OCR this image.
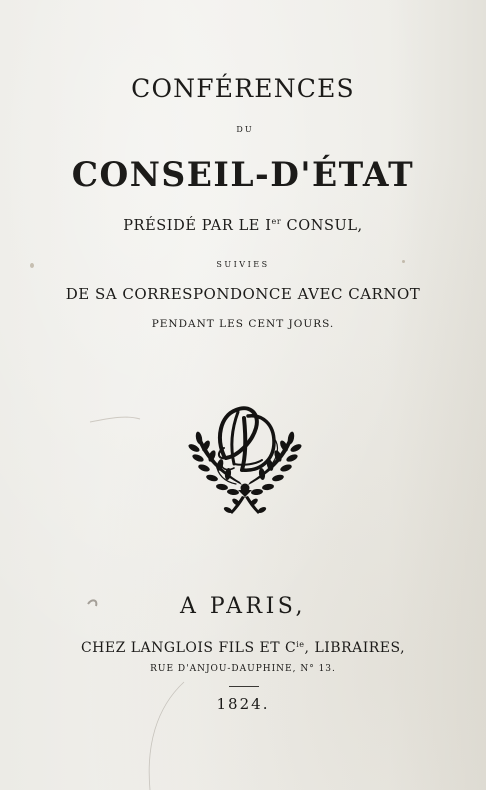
CONFÉRENCES
DU
CONSEIL-D'ÉTAT
PRÉSIDÉ PAR LE Ier CONSUL,
SUIVIES
DE SA CORRESPONDONCE AVEC CARNOT
PENDANT LES CENT JOURS.
A PARIS,
CHEZ LANGLOIS FILS ET $C^{ie}$, LIBRAIRES,
RUE D'ANJOU-DAUPHINE, N° 13.
1824.
